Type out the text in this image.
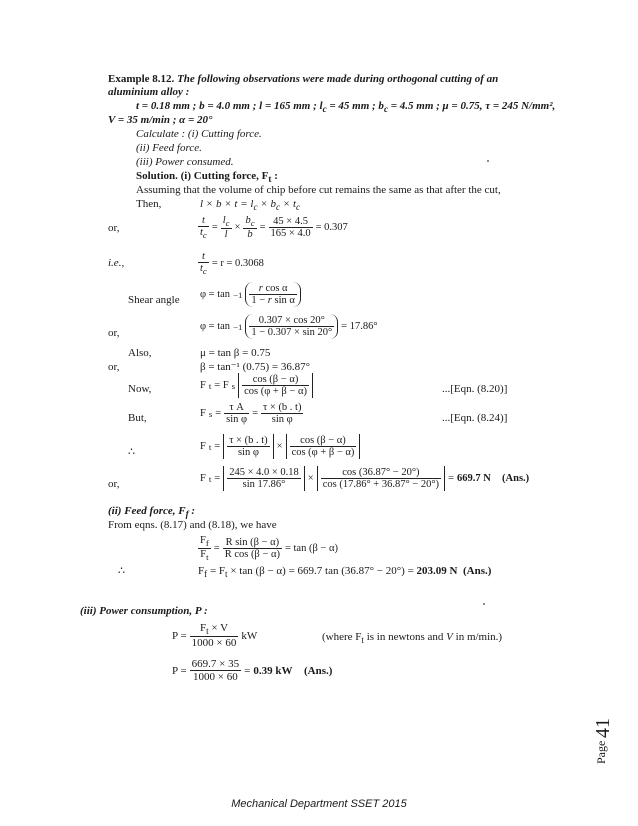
Example 8.12. The following observations were made during orthogonal cutting of an
aluminium alloy :
t = 0.18 mm ; b = 4.0 mm ; l = 165 mm ; $l_c = 45$ mm ; $b_c = 4.5$ mm ; μ = 0.75, τ = 245 N/mm²,
V = 35 m/min ; α = 20°
Calculate : (i) Cutting force.
(ii) Feed force.
(iii) Power consumed.
Solution. (i) Cutting force, $F_t$ :
Assuming that the volume of chip before cut remains the same as that after the cut,
Then,	$l \times b \times t = l_c \times b_c \times t_c$
or,	$\frac{t}{t_c} = \frac{l_c}{l} \times \frac{b_c}{b} = \frac{45 \times 4.5}{165 \times 4.0} = 0.307$
i.e.,	$\frac{t}{t_c} = r = 0.3068$
Shear angle $\varphi = \tan -1 \frac{\text{r cos α}}{\text{1 − r sin α}}$
or,
$\varphi = \tan -1 \frac{0.307 \times \cos 20^\circ}{1 - 0.307 \times \sin 20^\circ} = 17.86^\circ$
Also,	μ = tan β = 0.75
or,	β = tan⁻¹ (0.75) = 36.87°
Now,	F t = F s $\frac{\cos (\beta - \alpha)}{\cos (\varphi + \beta - \alpha)}$	...[Eqn. (8.20)]
But,	F $s = \frac{\text{τ A}}{\text{sin φ}} = \frac{\tau \times (b . t)}{\text{sin φ}}$	...[Eqn. (8.24)]
∴	F $t = \frac{\tau \times (b . t)}{\text{sin φ}} \times \frac{\cos (\beta - \alpha)}{\cos (\varphi + \beta - \alpha)}$
or,	F $t = \frac{245 \times 4.0 \times 0.18}{\sin 17.86^\circ} \times \frac{\cos (36.87^\circ - 20^\circ)}{\cos (17.86^\circ + 36.87^\circ - 20^\circ)} = 669.7$ N
(Ans.)
(ii) Feed force, $F_f$ :
From eqns. (8.17) and (8.18), we have
$\frac{F_f}{F_t} = \frac{\text{R sin (β − α)}}{\text{R cos (β − α)}} = \tan (\beta - \alpha)$
∴	$F_f = F_t \times \tan (\beta - \alpha) = 669.7$ tan (36.87° − 20°) = 203.09 N (Ans.)
(iii) Power consumption, P :
$P = \frac{F_t \times V}{1000 \times 60}$ kW	(where $F_t$ is in newtons and V in m/min.)
$P = \frac{669.7 \times 35}{1000 \times 60} = 0.39$ kW
(Ans.)
Page
41
Mechanical Department SSET 2015
